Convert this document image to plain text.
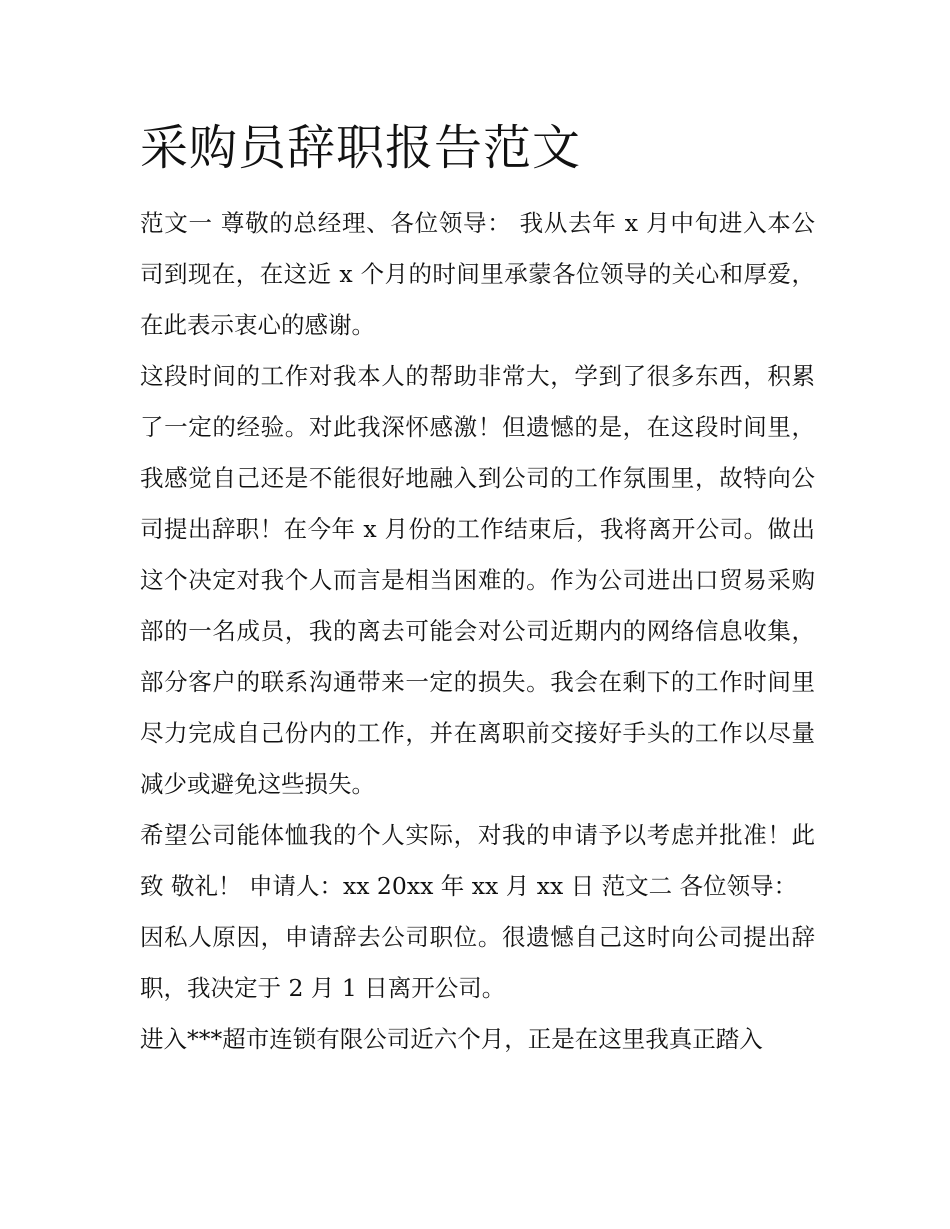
采购员辞职报告范文

范文一 尊敬的总经理、各位领导： 我从去年 x 月中旬进入本公司到现在，在这近 x 个月的时间里承蒙各位领导的关心和厚爱，在此表示衷心的感谢。

这段时间的工作对我本人的帮助非常大，学到了很多东西，积累了一定的经验。对此我深怀感激！但遗憾的是，在这段时间里，我感觉自己还是不能很好地融入到公司的工作氛围里，故特向公司提出辞职！在今年 x 月份的工作结束后，我将离开公司。做出这个决定对我个人而言是相当困难的。作为公司进出口贸易采购部的一名成员，我的离去可能会对公司近期内的网络信息收集，部分客户的联系沟通带来一定的损失。我会在剩下的工作时间里尽力完成自己份内的工作，并在离职前交接好手头的工作以尽量减少或避免这些损失。

希望公司能体恤我的个人实际，对我的申请予以考虑并批准！此致 敬礼！ 申请人：xx 20xx 年 xx 月 xx 日 范文二 各位领导：

因私人原因，申请辞去公司职位。很遗憾自己这时向公司提出辞职，我决定于 2 月 1 日离开公司。

进入***超市连锁有限公司近六个月，正是在这里我真正踏入
